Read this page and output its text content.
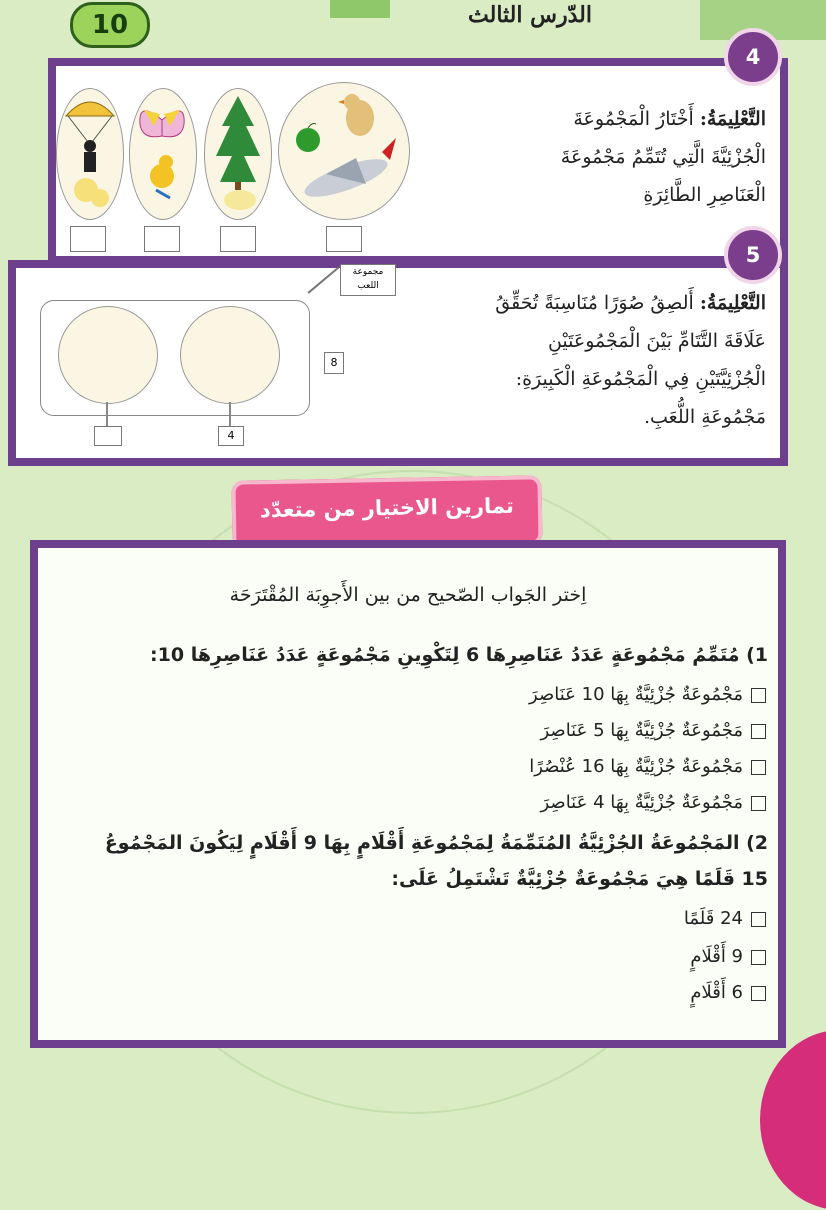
10	الدّرس الثالث
التَّعْلِيمَةُ: أَخْتَارُ الْمَجْمُوعَةَ
الْجُزْئِيَّةَ الَّتِي تُتَمِّمُ مَجْمُوعَةَ
الْعَنَاصِرِ الطَّائِرَةِ
4
4
8
مجموعة اللعب
التَّعْلِيمَةُ: أَلصِقُ صُوَرًا مُنَاسِبَةً تُحَقِّقُ
عَلَاقَةَ التَّتَامِّ بَيْنَ الْمَجْمُوعَتَيْنِ
الْجُزْئِيَّتَيْنِ فِي الْمَجْمُوعَةِ الْكَبِيرَةِ:
مَجْمُوعَةِ اللُّعَبِ.
5
تمارين الاختيار من متعدّد
اِختر الجَواب الصّحيح من بين الأَجوِبَة المُقْتَرَحَة
1) مُتَمِّمُ مَجْمُوعَةٍ عَدَدُ عَنَاصِرِهَا 6 لِتَكْوِينِ مَجْمُوعَةٍ عَدَدُ عَنَاصِرِهَا 10:
مَجْمُوعَةٌ جُزْئِيَّةٌ بِهَا 10 عَنَاصِرَ
مَجْمُوعَةٌ جُزْئِيَّةٌ بِهَا 5 عَنَاصِرَ
مَجْمُوعَةٌ جُزْئِيَّةٌ بِهَا 16 عُنْصُرًا
مَجْمُوعَةٌ جُزْئِيَّةٌ بِهَا 4 عَنَاصِرَ
2) المَجْمُوعَةُ الجُزْئِيَّةُ المُتَمِّمَةُ لِمَجْمُوعَةِ أَقْلَامٍ بِهَا 9 أَقْلَامٍ لِيَكُونَ المَجْمُوعُ
15 قَلَمًا هِيَ مَجْمُوعَةٌ جُزْئِيَّةٌ تَشْتَمِلُ عَلَى:
24 قَلَمًا
9 أَقْلَامٍ
6 أَقْلَامٍ
